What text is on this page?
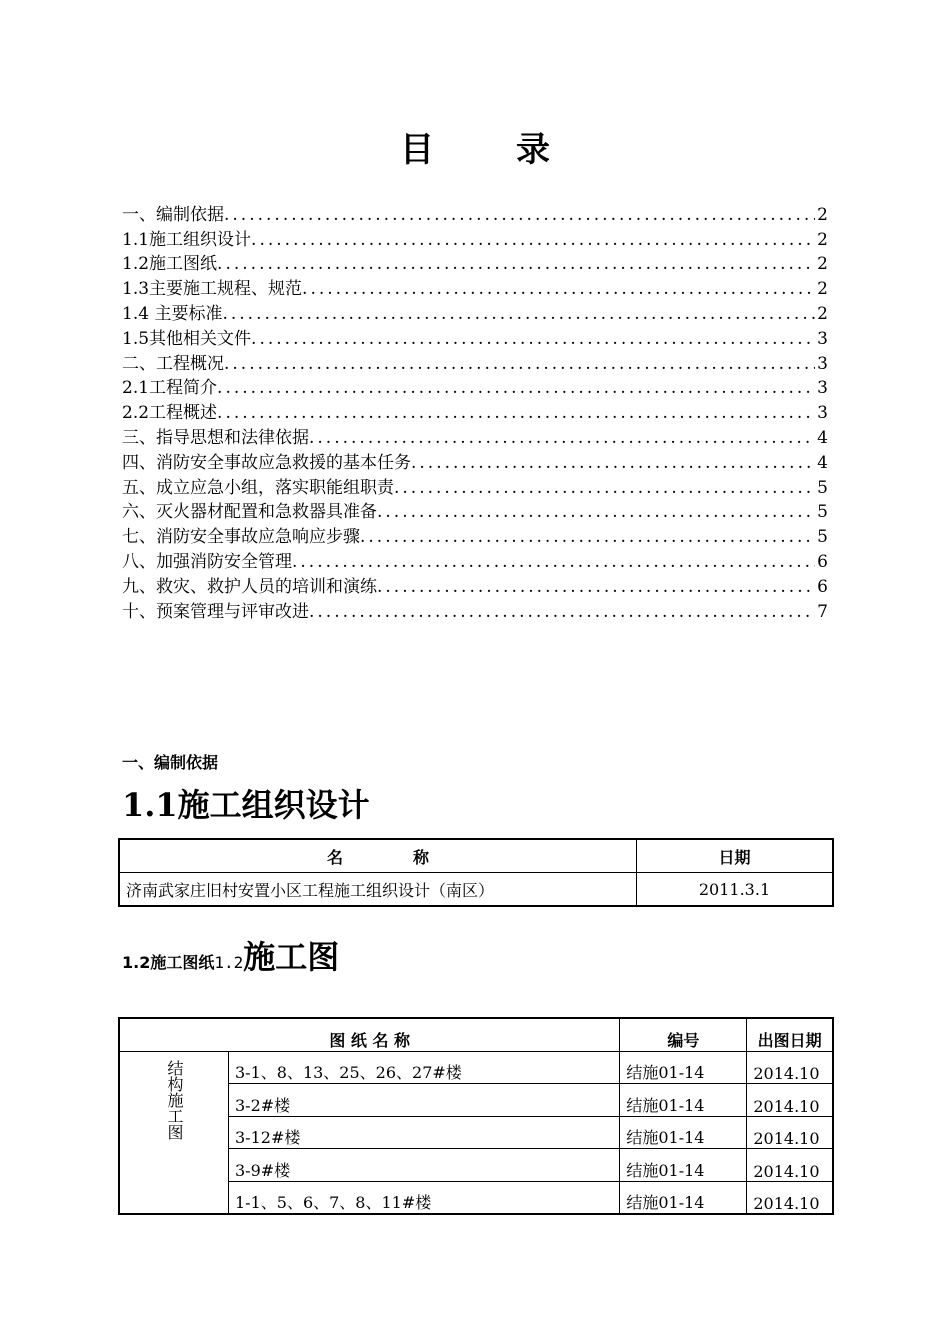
目 录
一、编制依据 .....	2
1.1施工组织设计 .....	2
1.2施工图纸 .....	2
1.3主要施工规程、规范 .....	2
1.4 主要标准 .....	2
1.5其他相关文件 .....	3
二、工程概况 .....	3
2.1工程简介 .....	3
2.2工程概述 .....	3
三、指导思想和法律依据 .....	4
四、消防安全事故应急救援的基本任务 .....	4
五、成立应急小组，落实职能组职责 .....	5
六、灭火器材配置和急救器具准备 .....	5
七、消防安全事故应急响应步骤 .....	5
八、加强消防安全管理 .....	6
九、救灾、救护人员的培训和演练 .....	6
十、预案管理与评审改进 .....	7
一、编制依据
1.1施工组织设计
名 称	日期
济南武家庄旧村安置小区工程施工组织设计（南区）	2011.3.1
1.2施工图纸1.2施工图
图 纸 名 称		编号	出图日期

结构施工图	3-1、8、13、25、26、27#楼	结施01-14	2014.10
	3-2#楼	结施01-14	2014.10
	3-12#楼	结施01-14	2014.10
	3-9#楼	结施01-14	2014.10
	1-1、5、6、7、8、11#楼	结施01-14	2014.10
